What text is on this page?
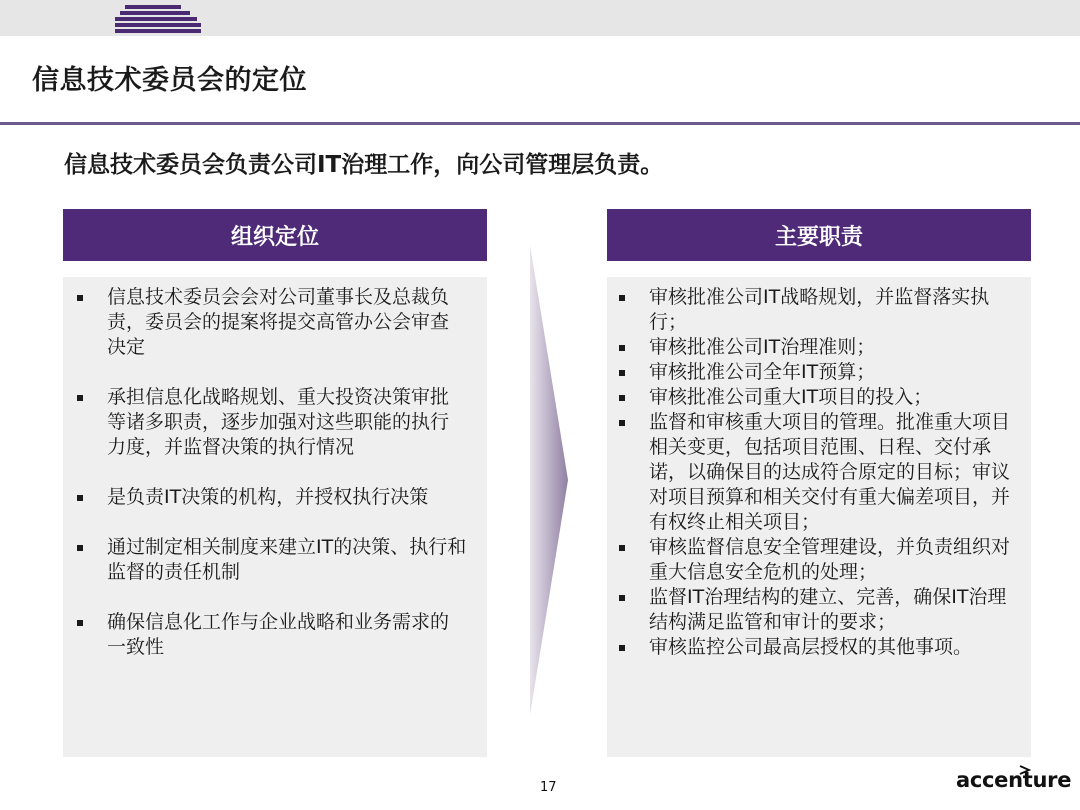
信息技术委员会的定位
信息技术委员会负责公司IT治理工作，向公司管理层负责。
组织定位
信息技术委员会会对公司董事长及总裁负责，委员会的提案将提交高管办公会审查决定
承担信息化战略规划、重大投资决策审批等诸多职责，逐步加强对这些职能的执行力度，并监督决策的执行情况
是负责IT决策的机构，并授权执行决策
通过制定相关制度来建立IT的决策、执行和监督的责任机制
确保信息化工作与企业战略和业务需求的一致性
主要职责
审核批准公司IT战略规划，并监督落实执行；
审核批准公司IT治理准则；
审核批准公司全年IT预算；
审核批准公司重大IT项目的投入；
监督和审核重大项目的管理。批准重大项目相关变更，包括项目范围、日程、交付承诺，以确保目的达成符合原定的目标；审议对项目预算和相关交付有重大偏差项目，并有权终止相关项目；
审核监督信息安全管理建设，并负责组织对重大信息安全危机的处理；
监督IT治理结构的建立、完善，确保IT治理结构满足监管和审计的要求；
审核监控公司最高层授权的其他事项。
17	accenture
